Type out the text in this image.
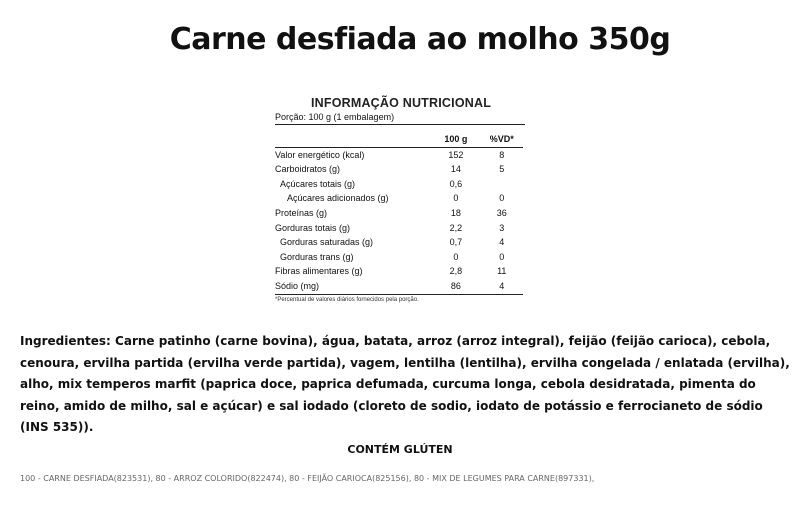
Carne desfiada ao molho 350g
INFORMAÇÃO NUTRICIONAL
Porção: 100 g (1 embalagem)
	100 g	%VD*
Valor energético (kcal)	152	8
Carboidratos (g)	14	5
Açúcares totais (g)	0,6	
Açúcares adicionados (g)	0	0
Proteínas (g)	18	36
Gorduras totais (g)	2,2	3
Gorduras saturadas (g)	0,7	4
Gorduras trans (g)	0	0
Fibras alimentares (g)	2,8	11
Sódio (mg)	86	4
*Percentual de valores diários fornecidos pela porção.

Ingredientes: Carne patinho (carne bovina), água, batata, arroz (arroz integral), feijão (feijão carioca), cebola, cenoura, ervilha partida (ervilha verde partida), vagem, lentilha (lentilha), ervilha congelada / enlatada (ervilha), alho, mix temperos marfit (paprica doce, paprica defumada, curcuma longa, cebola desidratada, pimenta do reino, amido de milho, sal e açúcar) e sal iodado (cloreto de sodio, iodato de potássio e ferrocianeto de sódio (INS 535)).

CONTÉM GLÚTEN
100 - CARNE DESFIADA(823531), 80 - ARROZ COLORIDO(822474), 80 - FEIJÃO CARIOCA(825156), 80 - MIX DE LEGUMES PARA CARNE(897331),
